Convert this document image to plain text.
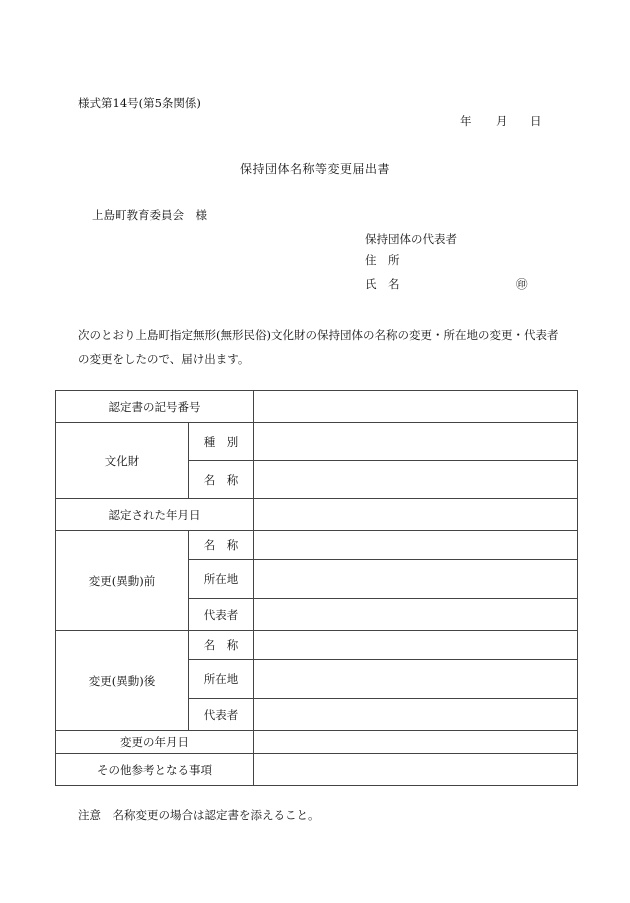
様式第14号(第5条関係)
年 月 日
保持団体名称等変更届出書
上島町教育委員会　様
保持団体の代表者
住　所
氏　名	㊞
次のとおり上島町指定無形(無形民俗)文化財の保持団体の名称の変更・所在地の変更・代表者の変更をしたので、届け出ます。
認定書の記号番号		
文化財	種　別	
	名　称	
認定された年月日		
変更(異動)前	名　称	
	所在地	
	代表者	
変更(異動)後	名　称	
	所在地	
	代表者	
変更の年月日		
その他参考となる事項		
注意　名称変更の場合は認定書を添えること。
